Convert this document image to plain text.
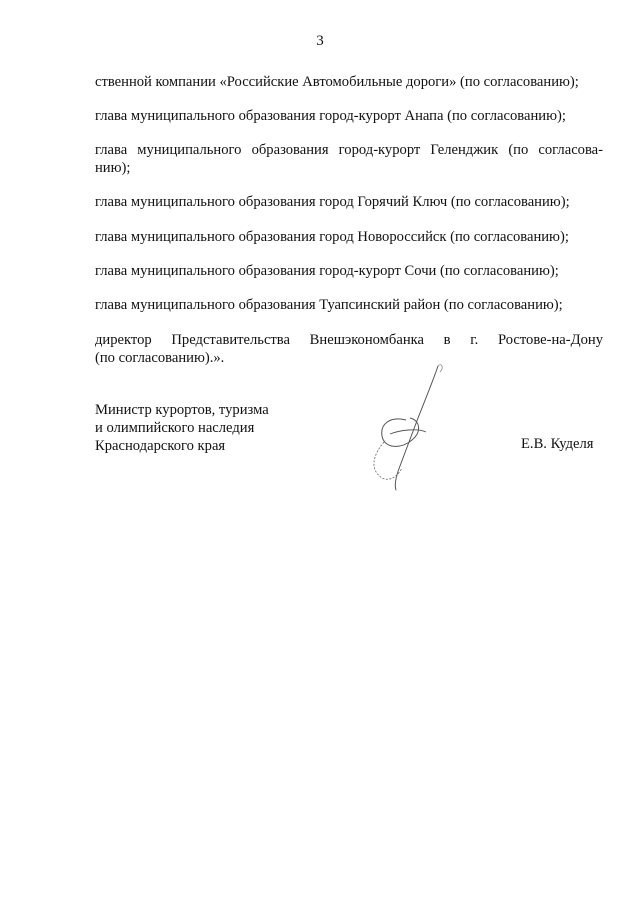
3

ственной компании «Российские Автомобильные дороги» (по согласованию);

глава муниципального образования город-курорт Анапа (по согласованию);

глава муниципального образования город-курорт Геленджик (по согласова-
нию);

глава муниципального образования город Горячий Ключ (по согласованию);

глава муниципального образования город Новороссийск (по согласованию);

глава муниципального образования город-курорт Сочи (по согласованию);

глава муниципального образования Туапсинский район (по согласованию);

директор Представительства Внешэкономбанка в г. Ростове-на-Дону
(по согласованию).».

Министр курортов, туризма
и олимпийского наследия
Краснодарского края	Е.В. Куделя
